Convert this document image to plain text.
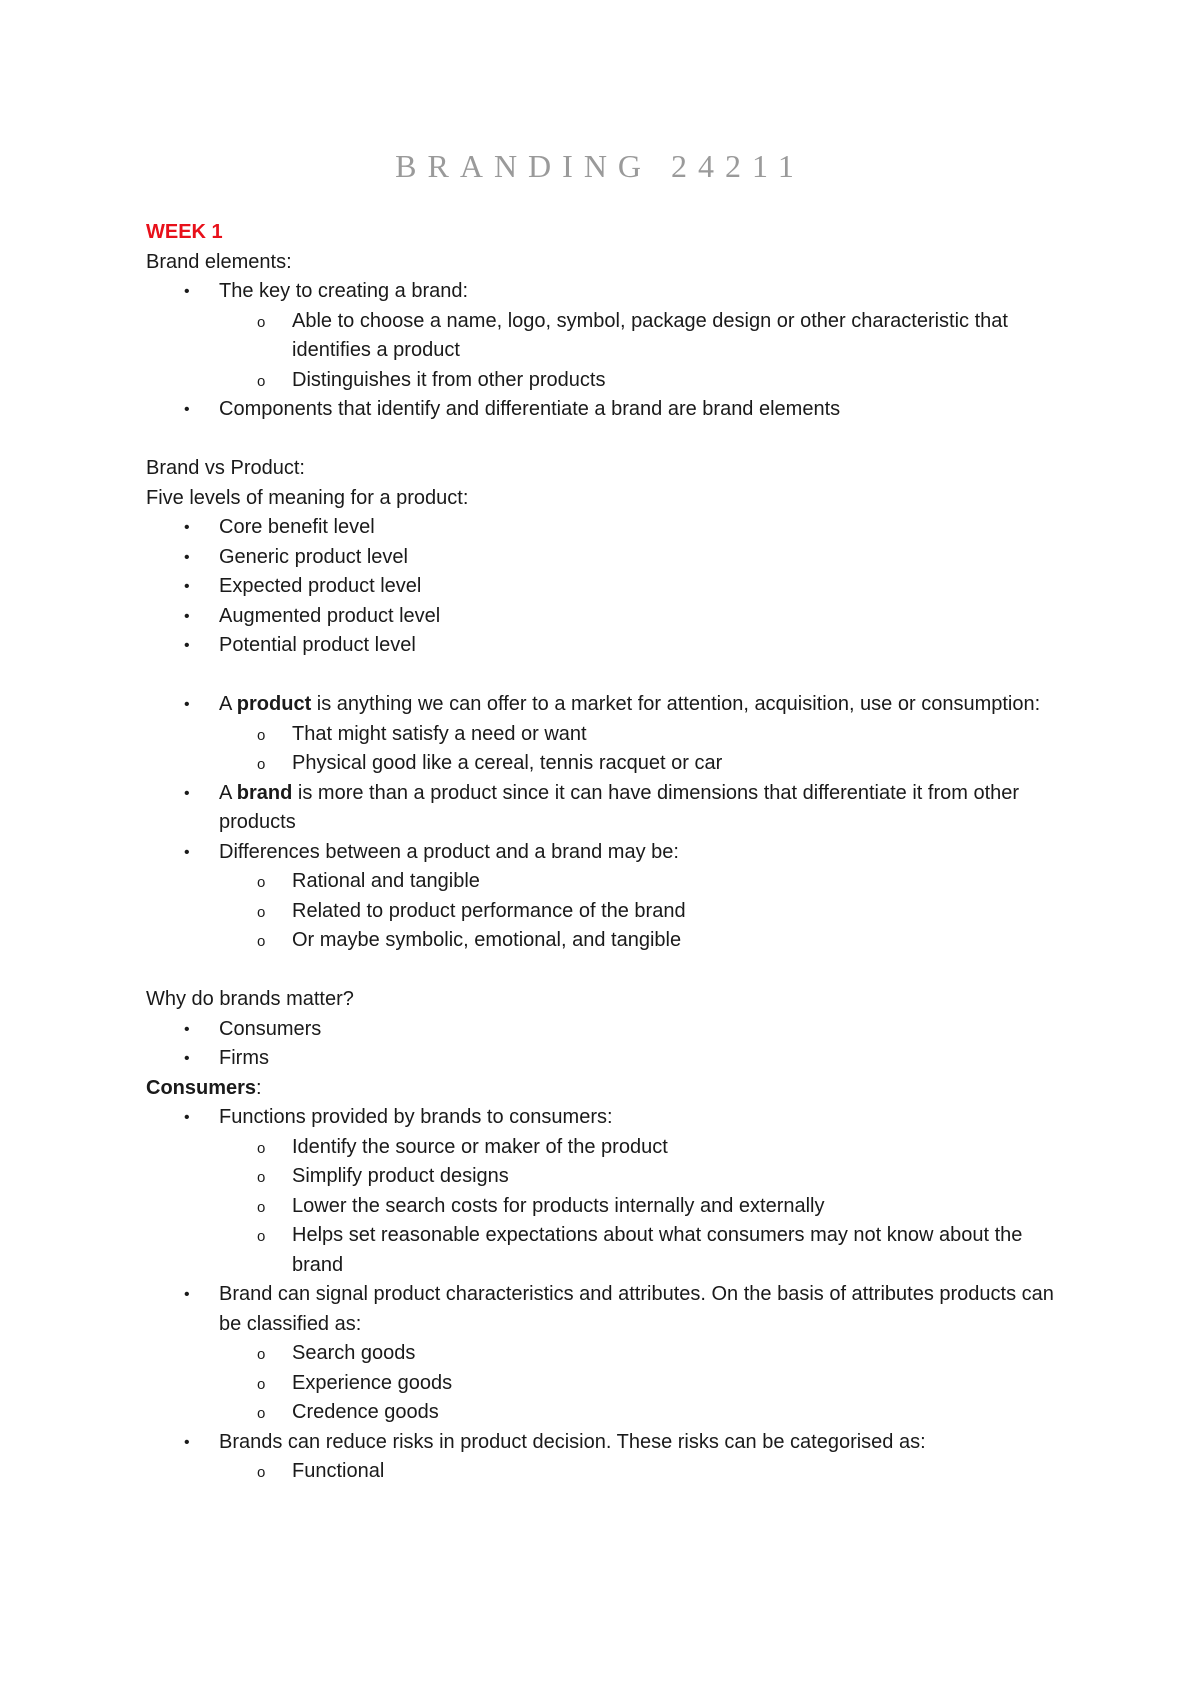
BRANDING 24211
WEEK 1
Brand elements:
• The key to creating a brand:
o Able to choose a name, logo, symbol, package design or other characteristic that identifies a product
o Distinguishes it from other products
• Components that identify and differentiate a brand are brand elements
Brand vs Product:
Five levels of meaning for a product:
• Core benefit level
• Generic product level
• Expected product level
• Augmented product level
• Potential product level
• A product is anything we can offer to a market for attention, acquisition, use or consumption:
o That might satisfy a need or want
o Physical good like a cereal, tennis racquet or car
• A brand is more than a product since it can have dimensions that differentiate it from other products
• Differences between a product and a brand may be:
o Rational and tangible
o Related to product performance of the brand
o Or maybe symbolic, emotional, and tangible
Why do brands matter?
• Consumers
• Firms
Consumers:
• Functions provided by brands to consumers:
o Identify the source or maker of the product
o Simplify product designs
o Lower the search costs for products internally and externally
o Helps set reasonable expectations about what consumers may not know about the brand
• Brand can signal product characteristics and attributes. On the basis of attributes products can be classified as:
o Search goods
o Experience goods
o Credence goods
• Brands can reduce risks in product decision. These risks can be categorised as:
o Functional
